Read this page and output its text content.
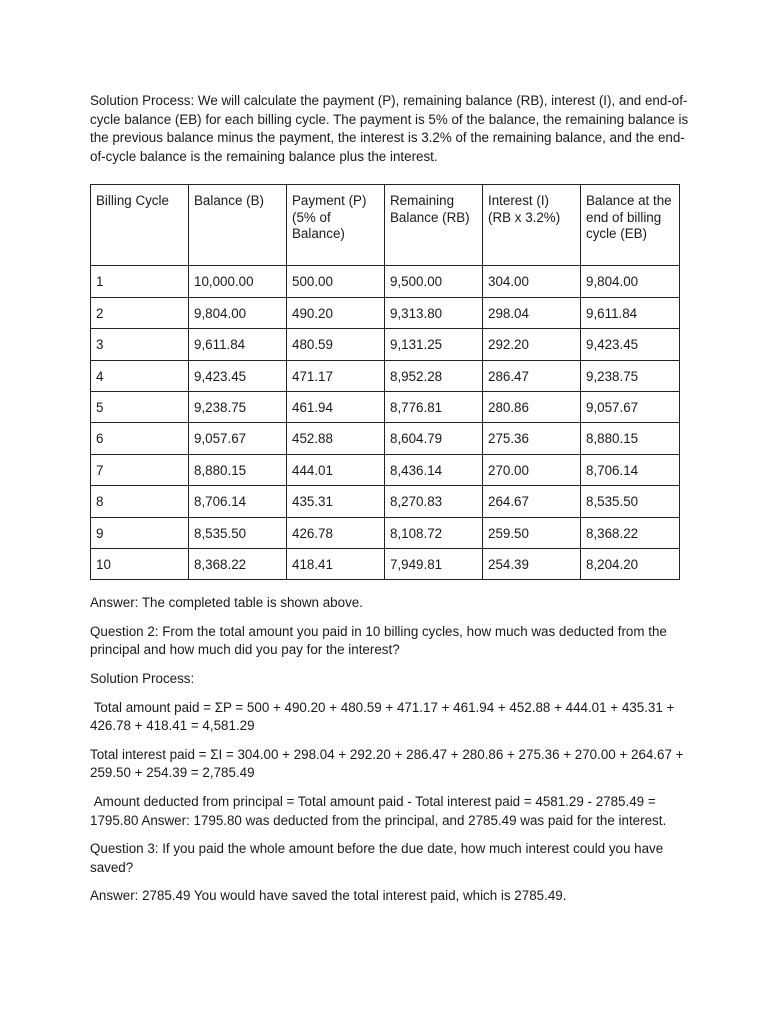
Solution Process: We will calculate the payment (P), remaining balance (RB), interest (I), and end-of-cycle balance (EB) for each billing cycle. The payment is 5% of the balance, the remaining balance is the previous balance minus the payment, the interest is 3.2% of the remaining balance, and the end-of-cycle balance is the remaining balance plus the interest.

Billing Cycle	Balance (B)	Payment (P) (5% of Balance)	Remaining Balance (RB)	Interest (I) (RB x 3.2%)	Balance at the end of billing cycle (EB)
1	10,000.00	500.00	9,500.00	304.00	9,804.00
2	9,804.00	490.20	9,313.80	298.04	9,611.84
3	9,611.84	480.59	9,131.25	292.20	9,423.45
4	9,423.45	471.17	8,952.28	286.47	9,238.75
5	9,238.75	461.94	8,776.81	280.86	9,057.67
6	9,057.67	452.88	8,604.79	275.36	8,880.15
7	8,880.15	444.01	8,436.14	270.00	8,706.14
8	8,706.14	435.31	8,270.83	264.67	8,535.50
9	8,535.50	426.78	8,108.72	259.50	8,368.22
10	8,368.22	418.41	7,949.81	254.39	8,204.20

Answer: The completed table is shown above.

Question 2: From the total amount you paid in 10 billing cycles, how much was deducted from the principal and how much did you pay for the interest?

Solution Process:

Total amount paid = ΣP = 500 + 490.20 + 480.59 + 471.17 + 461.94 + 452.88 + 444.01 + 435.31 + 426.78 + 418.41 = 4,581.29

Total interest paid = ΣI = 304.00 + 298.04 + 292.20 + 286.47 + 280.86 + 275.36 + 270.00 + 264.67 + 259.50 + 254.39 = 2,785.49

Amount deducted from principal = Total amount paid - Total interest paid = 4581.29 - 2785.49 = 1795.80 Answer: 1795.80 was deducted from the principal, and 2785.49 was paid for the interest.

Question 3: If you paid the whole amount before the due date, how much interest could you have saved?

Answer: 2785.49 You would have saved the total interest paid, which is 2785.49.
